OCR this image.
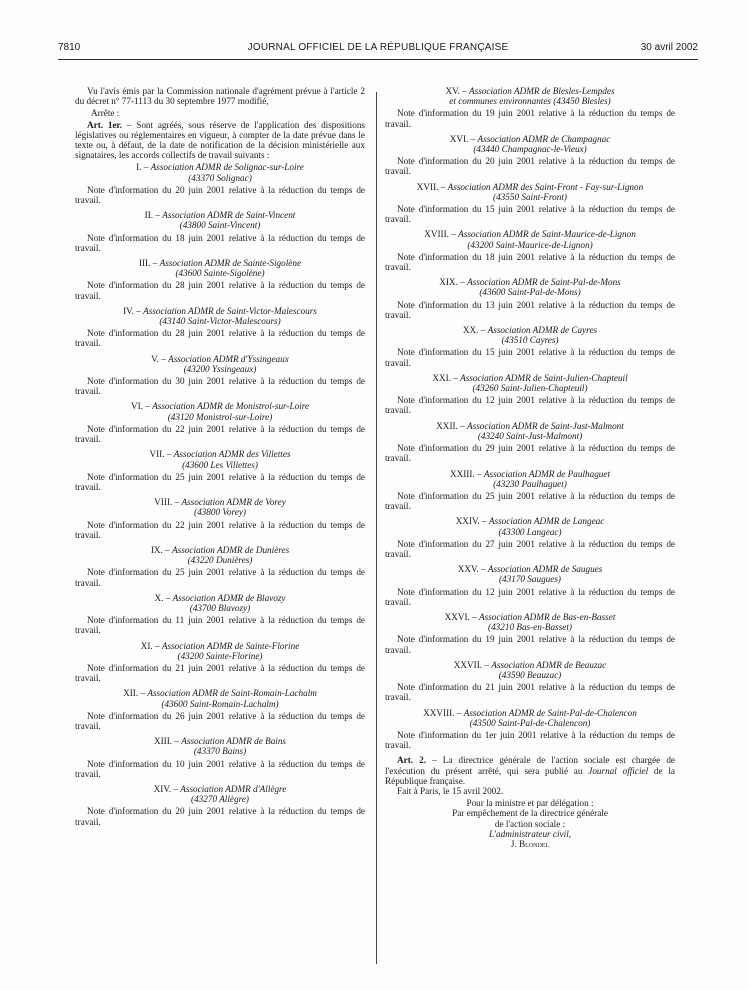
7810	JOURNAL OFFICIEL DE LA RÉPUBLIQUE FRANÇAISE	30 avril 2002

Vu l'avis émis par la Commission nationale d'agrément prévue à l'article 2 du décret n° 77-1113 du 30 septembre 1977 modifié,

Arrête :

Art. 1er. – Sont agréés, sous réserve de l'application des dispositions législatives ou réglementaires en vigueur, à compter de la date prévue dans le texte ou, à défaut, de la date de notification de la décision ministérielle aux signataires, les accords collectifs de travail suivants :

I. – Association ADMR de Solignac-sur-Loire
(43370 Solignac)

Note d'information du 20 juin 2001 relative à la réduction du temps de travail.

II. – Association ADMR de Saint-Vincent
(43800 Saint-Vincent)

Note d'information du 18 juin 2001 relative à la réduction du temps de travail.

III. – Association ADMR de Sainte-Sigolène
(43600 Sainte-Sigolène)

Note d'information du 28 juin 2001 relative à la réduction du temps de travail.

IV. – Association ADMR de Saint-Victor-Malescours
(43140 Saint-Victor-Malescours)

Note d'information du 28 juin 2001 relative à la réduction du temps de travail.

V. – Association ADMR d'Yssingeaux
(43200 Yssingeaux)

Note d'information du 30 juin 2001 relative à la réduction du temps de travail.

VI. – Association ADMR de Monistrol-sur-Loire
(43120 Monistrol-sur-Loire)

Note d'information du 22 juin 2001 relative à la réduction du temps de travail.

VII. – Association ADMR des Villettes
(43600 Les Villettes)

Note d'information du 25 juin 2001 relative à la réduction du temps de travail.

VIII. – Association ADMR de Vorey
(43800 Vorey)

Note d'information du 22 juin 2001 relative à la réduction du temps de travail.

IX. – Association ADMR de Dunières
(43220 Dunières)

Note d'information du 25 juin 2001 relative à la réduction du temps de travail.

X. – Association ADMR de Blavozy
(43700 Blavozy)

Note d'information du 11 juin 2001 relative à la réduction du temps de travail.

XI. – Association ADMR de Sainte-Florine
(43200 Sainte-Florine)

Note d'information du 21 juin 2001 relative à la réduction du temps de travail.

XII. – Association ADMR de Saint-Romain-Lachalm
(43600 Saint-Romain-Lachalm)

Note d'information du 26 juin 2001 relative à la réduction du temps de travail.

XIII. – Association ADMR de Bains
(43370 Bains)

Note d'information du 10 juin 2001 relative à la réduction du temps de travail.

XIV. – Association ADMR d'Allègre
(43270 Allègre)

Note d'information du 20 juin 2001 relative à la réduction du temps de travail.

XV. – Association ADMR de Blesles-Lempdes
et communes environnantes (43450 Blesles)

Note d'information du 19 juin 2001 relative à la réduction du temps de travail.

XVI. – Association ADMR de Champagnac
(43440 Champagnac-le-Vieux)

Note d'information du 20 juin 2001 relative à la réduction du temps de travail.

XVII. – Association ADMR des Saint-Front - Fay-sur-Lignon
(43550 Saint-Front)

Note d'information du 15 juin 2001 relative à la réduction du temps de travail.

XVIII. – Association ADMR de Saint-Maurice-de-Lignon
(43200 Saint-Maurice-de-Lignon)

Note d'information du 18 juin 2001 relative à la réduction du temps de travail.

XIX. – Association ADMR de Saint-Pal-de-Mons
(43600 Saint-Pal-de-Mons)

Note d'information du 13 juin 2001 relative à la réduction du temps de travail.

XX. – Association ADMR de Cayres
(43510 Cayres)

Note d'information du 15 juin 2001 relative à la réduction du temps de travail.

XXI. – Association ADMR de Saint-Julien-Chapteuil
(43260 Saint-Julien-Chapteuil)

Note d'information du 12 juin 2001 relative à la réduction du temps de travail.

XXII. – Association ADMR de Saint-Just-Malmont
(43240 Saint-Just-Malmont)

Note d'information du 29 juin 2001 relative à la réduction du temps de travail.

XXIII. – Association ADMR de Paulhaguet
(43230 Paulhaguet)

Note d'information du 25 juin 2001 relative à la réduction du temps de travail.

XXIV. – Association ADMR de Langeac
(43300 Langeac)

Note d'information du 27 juin 2001 relative à la réduction du temps de travail.

XXV. – Association ADMR de Saugues
(43170 Saugues)

Note d'information du 12 juin 2001 relative à la réduction du temps de travail.

XXVI. – Association ADMR de Bas-en-Basset
(43210 Bas-en-Basset)

Note d'information du 19 juin 2001 relative à la réduction du temps de travail.

XXVII. – Association ADMR de Beauzac
(43590 Beauzac)

Note d'information du 21 juin 2001 relative à la réduction du temps de travail.

XXVIII. – Association ADMR de Saint-Pal-de-Chalencon
(43500 Saint-Pal-de-Chalencon)

Note d'information du 1er juin 2001 relative à la réduction du temps de travail.

Art. 2. – La directrice générale de l'action sociale est chargée de l'exécution du présent arrêté, qui sera publié au Journal officiel de la République française.

Fait à Paris, le 15 avril 2002.

Pour la ministre et par délégation :
Par empêchement de la directrice générale
de l'action sociale :
L'administrateur civil,
J. Blondel
